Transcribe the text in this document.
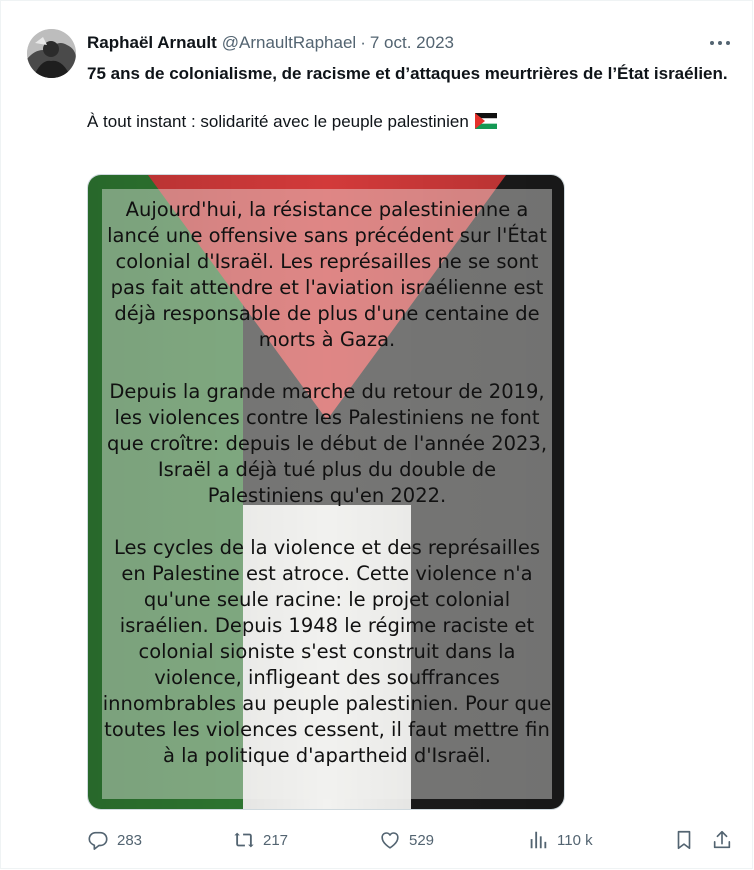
Raphaël Arnault @ArnaultRaphael · 7 oct. 2023
75 ans de colonialisme, de racisme et d’attaques meurtrières de l’État israélien.
À tout instant : solidarité avec le peuple palestinien

Aujourd'hui, la résistance palestinienne a lancé une offensive sans précédent sur l'État colonial d'Israël. Les représailles ne se sont pas fait attendre et l'aviation israélienne est déjà responsable de plus d'une centaine de morts à Gaza.

Depuis la grande marche du retour de 2019, les violences contre les Palestiniens ne font que croître: depuis le début de l'année 2023, Israël a déjà tué plus du double de Palestiniens qu'en 2022.

Les cycles de la violence et des représailles en Palestine est atroce. Cette violence n'a qu'une seule racine: le projet colonial israélien. Depuis 1948 le régime raciste et colonial sioniste s'est construit dans la violence, infligeant des souffrances innombrables au peuple palestinien. Pour que toutes les violences cessent, il faut mettre fin à la politique d'apartheid d'Israël.

283	217	529	110 k
